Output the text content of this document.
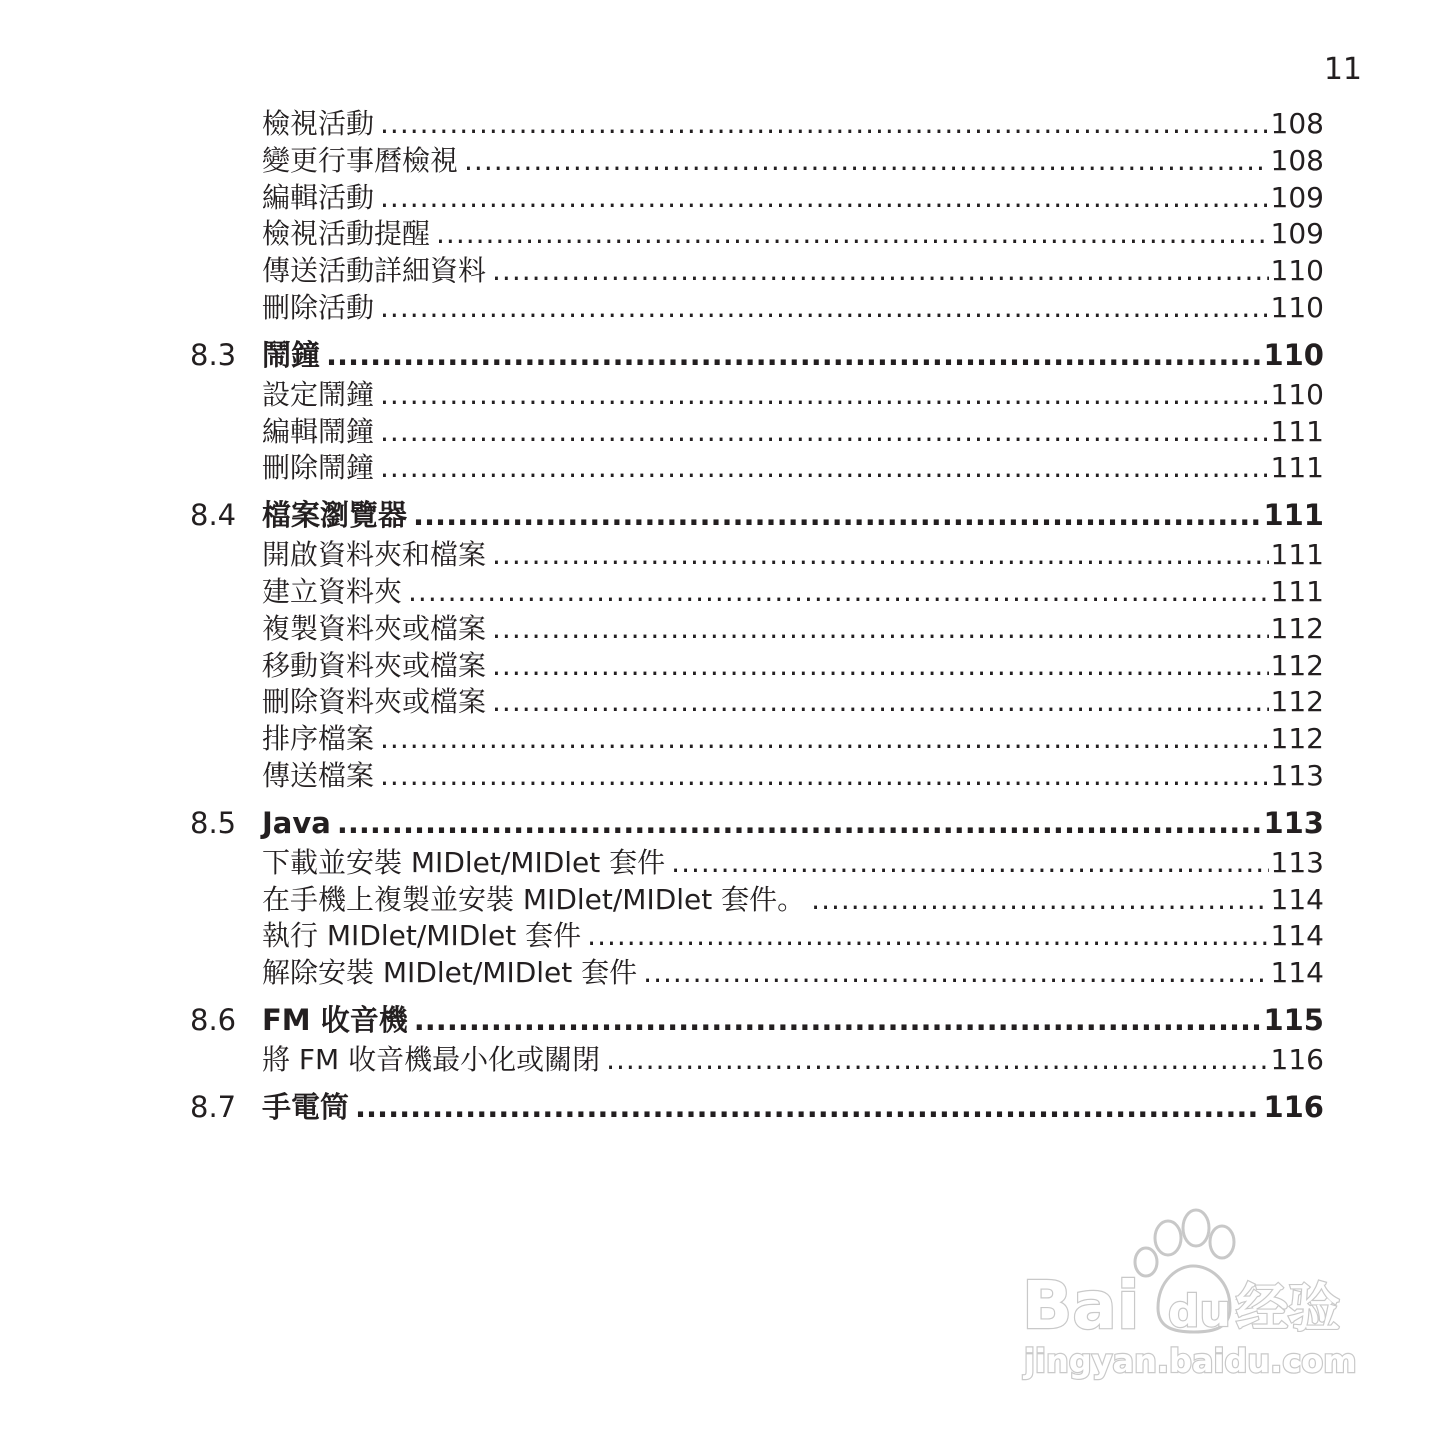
11
檢視活動 .....	108
變更行事曆檢視 .....	108
編輯活動 .....	109
檢視活動提醒 .....	109
傳送活動詳細資料 .....	110
刪除活動 .....	110
8.3 鬧鐘 .....	110
設定鬧鐘 .....	110
編輯鬧鐘 .....	111
刪除鬧鐘 .....	111
8.4 檔案瀏覽器 .....	111
開啟資料夾和檔案 .....	111
建立資料夾 .....	111
複製資料夾或檔案 .....	112
移動資料夾或檔案 .....	112
刪除資料夾或檔案 .....	112
排序檔案 .....	112
傳送檔案 .....	113
8.5 Java .....	113
下載並安裝 MIDlet/MIDlet 套件 .....	113
在手機上複製並安裝 MIDlet/MIDlet 套件。 .....	114
執行 MIDlet/MIDlet 套件 .....	114
解除安裝 MIDlet/MIDlet 套件 .....	114
8.6 FM 收音機 .....	115
將 FM 收音機最小化或關閉 .....	116
8.7 手電筒 .....	116
Bai du 经验
jingyan.baidu.com
